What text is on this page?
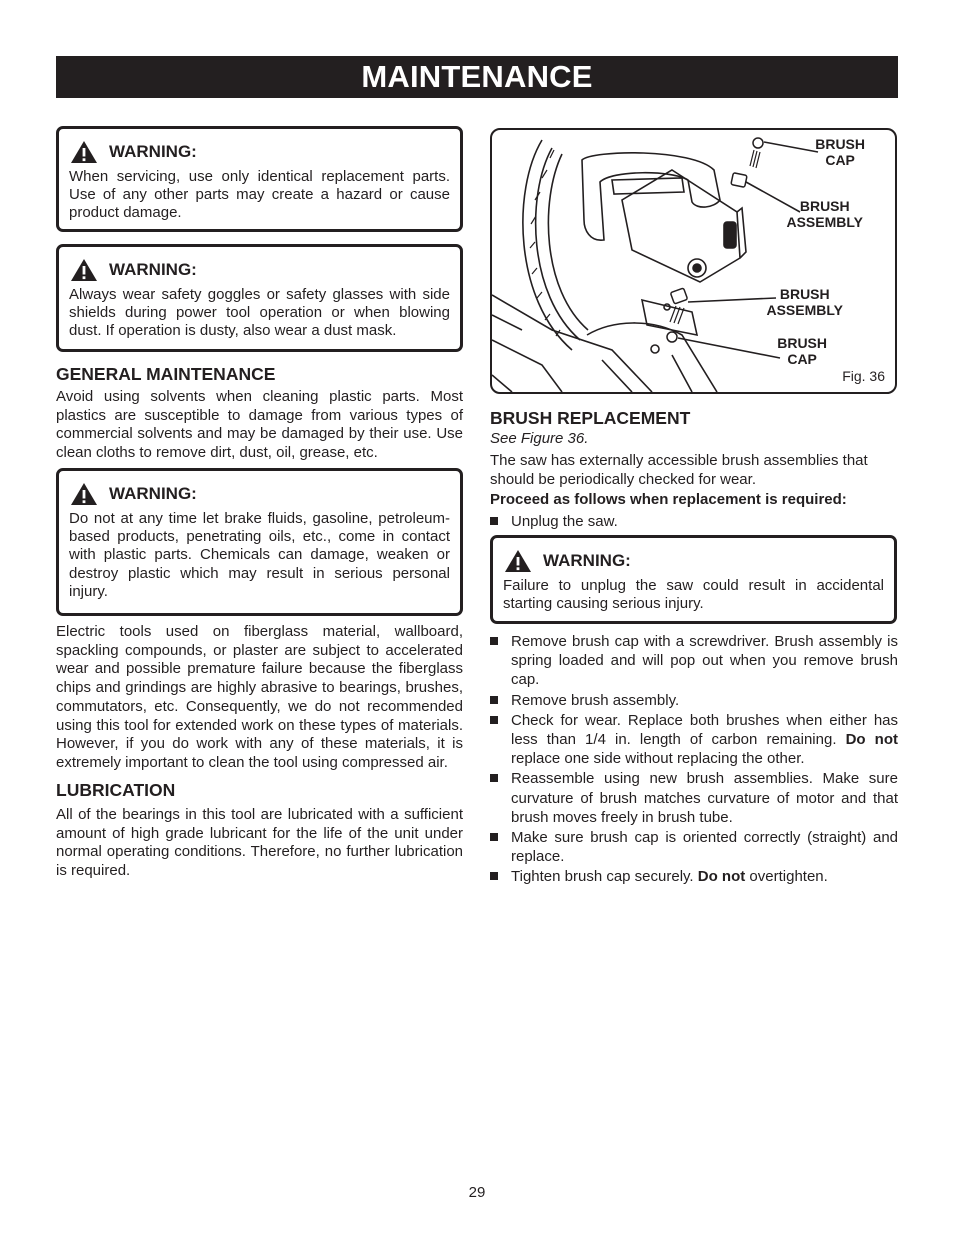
MAINTENANCE
WARNING:

When servicing, use only identical replacement parts. Use of any other parts may create a hazard or cause product damage.

WARNING:

Always wear safety goggles or safety glasses with side shields during power tool operation or when blowing dust. If operation is dusty, also wear a dust mask.

GENERAL MAINTENANCE
Avoid using solvents when cleaning plastic parts. Most plastics are susceptible to damage from various types of commercial solvents and may be damaged by their use. Use clean cloths to remove dirt, dust, oil, grease, etc.
WARNING:

Do not at any time let brake fluids, gasoline, petroleum-based products, penetrating oils, etc., come in contact with plastic parts. Chemicals can damage, weaken or destroy plastic which may result in serious personal injury.

Electric tools used on fiberglass material, wallboard, spackling compounds, or plaster are subject to accelerated wear and possible premature failure because the fiberglass chips and grindings are highly abrasive to bearings, brushes, commutators, etc. Consequently, we do not recommended using this tool for extended work on these types of materials. However, if you do work with any of these materials, it is extremely important to clean the tool using compressed air.
LUBRICATION
All of the bearings in this tool are lubricated with a sufficient amount of high grade lubricant for the life of the unit under normal operating conditions. Therefore, no further lubrication is required.
BRUSH
CAP
BRUSH
ASSEMBLY
BRUSH
ASSEMBLY
BRUSH
CAP
Fig. 36
BRUSH REPLACEMENT
See Figure 36.
The saw has externally accessible brush assemblies that should be periodically checked for wear.
Proceed as follows when replacement is required:
Unplug the saw.
WARNING:

Failure to unplug the saw could result in accidental starting causing serious injury.

Remove brush cap with a screwdriver. Brush assembly is spring loaded and will pop out when you remove brush cap.
Remove brush assembly.
Check for wear. Replace both brushes when either has less than 1/4 in. length of carbon remaining. Do not replace one side without replacing the other.
Reassemble using new brush assemblies. Make sure curvature of brush matches curvature of motor and that brush moves freely in brush tube.
Make sure brush cap is oriented correctly (straight) and replace.
Tighten brush cap securely. Do not overtighten.
29
